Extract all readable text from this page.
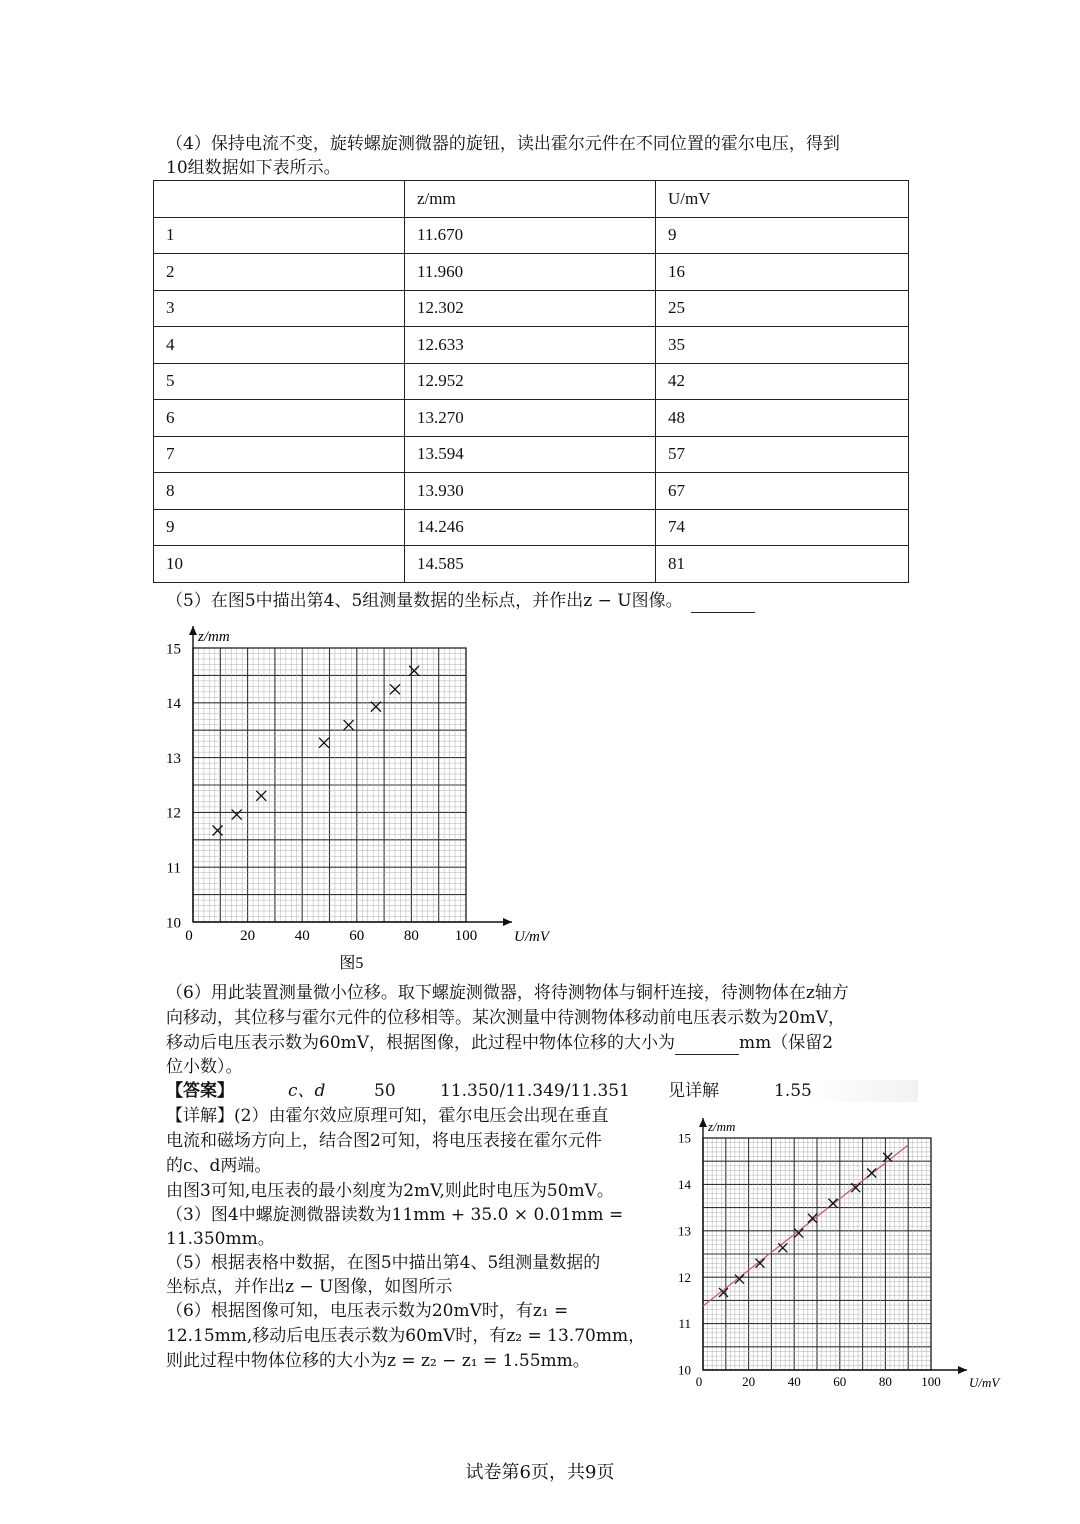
（4）保持电流不变，旋转螺旋测微器的旋钮，读出霍尔元件在不同位置的霍尔电压，得到
10组数据如下表所示。
	z/mm	U/mV
1	11.670	9
2	11.960	16
3	12.302	25
4	12.633	35
5	12.952	42
6	13.270	48
7	13.594	57
8	13.930	67
9	14.246	74
10	14.585	81
（5）在图5中描出第4、5组测量数据的坐标点，并作出z − U图像。
0	20	40	60	80 100
10
11
12
13
14
15
U/mV
z/mm
图5
（6）用此装置测量微小位移。取下螺旋测微器，将待测物体与铜杆连接，待测物体在z轴方
向移动，其位移与霍尔元件的位移相等。某次测量中待测物体移动前电压表示数为20mV，
移动后电压表示数为60mV，根据图像，此过程中物体位移的大小为	mm（保留2
位小数）。
【答案】	c、d	50	11.350/11.349/11.351 见详解	1.55
【详解】(2）由霍尔效应原理可知，霍尔电压会出现在垂直
电流和磁场方向上，结合图2可知，将电压表接在霍尔元件
的c、d两端。
由图3可知,电压表的最小刻度为2mV,则此时电压为50mV。
（3）图4中螺旋测微器读数为11mm + 35.0 × 0.01mm =
11.350mm。
（5）根据表格中数据，在图5中描出第4、5组测量数据的
坐标点，并作出z − U图像，如图所示
（6）根据图像可知，电压表示数为20mV时，有z₁ =
12.15mm,移动后电压表示数为60mV时，有z₂ = 13.70mm，
则此过程中物体位移的大小为z = z₂ − z₁ = 1.55mm。
0	20	40	60	80 100
10
11
12
13
14
15
U/mV
z/mm
试卷第6页，共9页
